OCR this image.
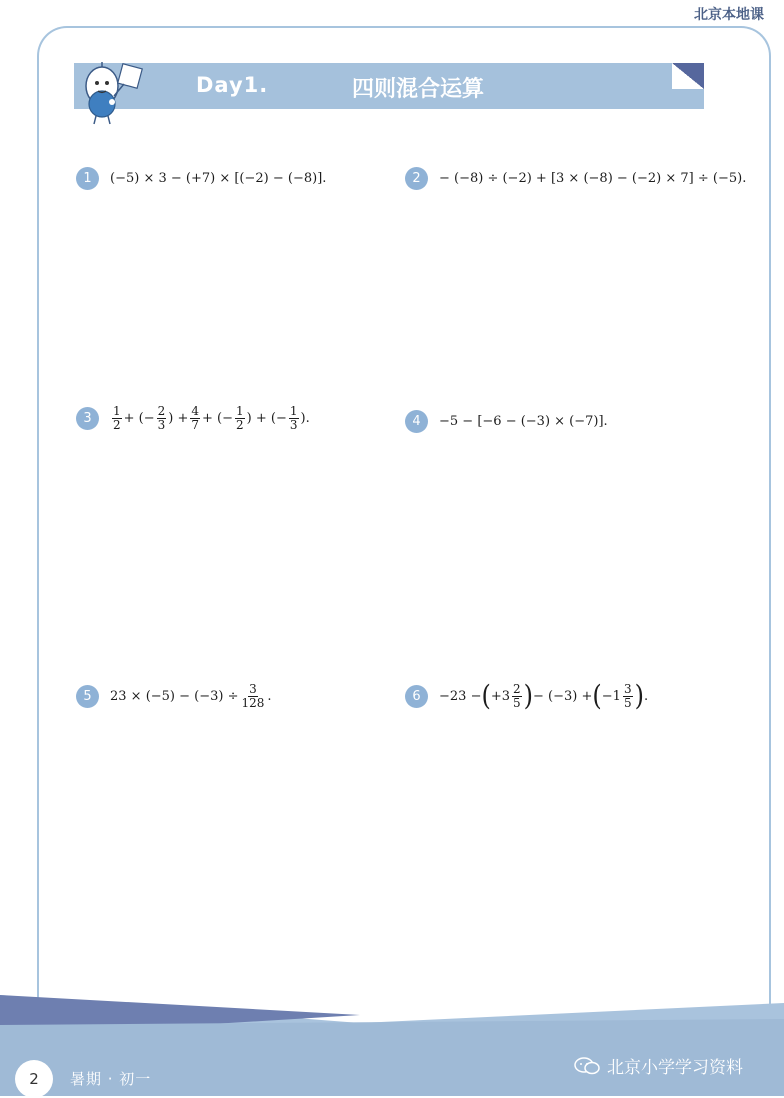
北京本地课
Day1.	四则混合运算
1	(−5) × 3 − (+7) × [(−2) − (−8)].	2	− (−8) ÷ (−2) + [3 × (−8) − (−2) × 7] ÷ (−5).
3	$\frac{1}{2}$ + (− $\frac{2}{3}$ ) + $\frac{4}{7}$ + (− $\frac{1}{2}$ ) + (− $\frac{1}{3}$ ).	4	−5 − [−6 − (−3) × (−7)].
5	$23 \times (-5) - (-3) \div \frac{3}{128}$ .	6	−23 − ( $+3 \frac{2}{5}$ ) − (−3) + ( $-1 \frac{3}{5}$ ) .
2	暑期 · 初一
北京小学学习资料
